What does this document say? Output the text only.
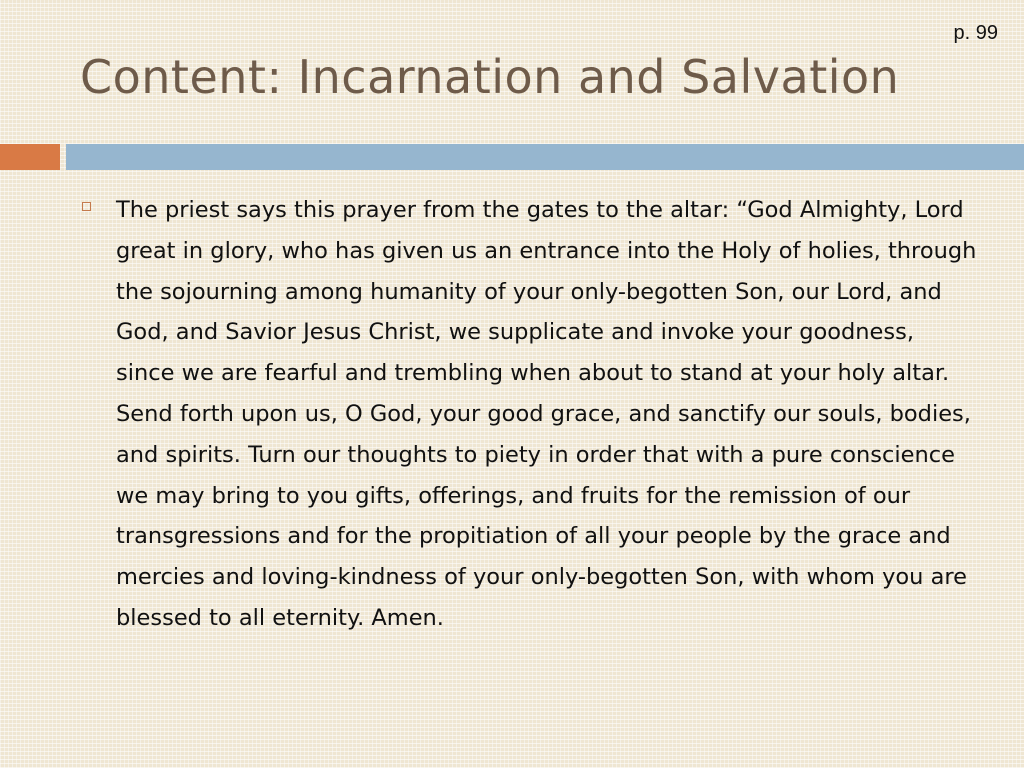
p. 99
Content: Incarnation and Salvation

The priest says this prayer from the gates to the altar: “God Almighty, Lord great in glory, who has given us an entrance into the Holy of holies, through the sojourning among humanity of your only-begotten Son, our Lord, and God, and Savior Jesus Christ, we supplicate and invoke your goodness, since we are fearful and trembling when about to stand at your holy altar. Send forth upon us, O God, your good grace, and sanctify our souls, bodies, and spirits. Turn our thoughts to piety in order that with a pure conscience we may bring to you gifts, offerings, and fruits for the remission of our transgressions and for the propitiation of all your people by the grace and mercies and loving-kindness of your only-begotten Son, with whom you are blessed to all eternity. Amen.
